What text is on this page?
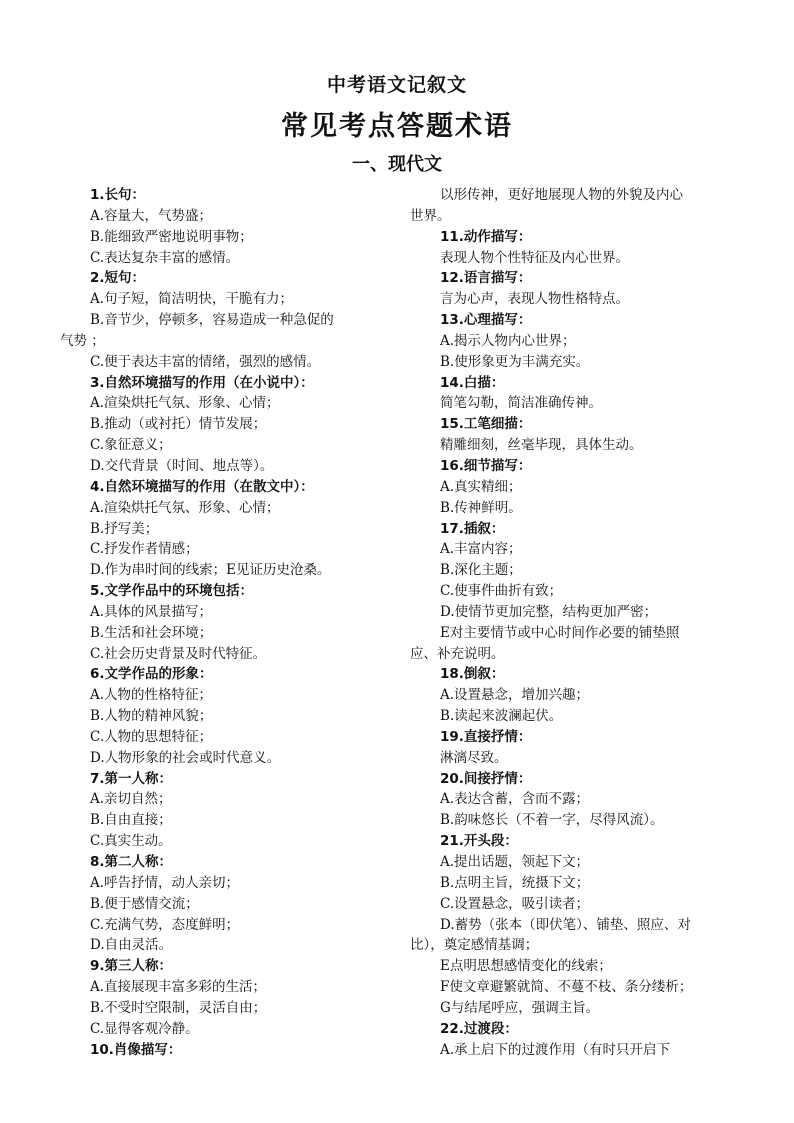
中考语文记叙文
常见考点答题术语
一、现代文
1.长句：
A.容量大，气势盛；
B.能细致严密地说明事物；
C.表达复杂丰富的感情。
2.短句：
A.句子短，简洁明快，干脆有力；
B.音节少，停顿多，容易造成一种急促的
气势 ；
C.便于表达丰富的情绪，强烈的感情。
3.自然环境描写的作用（在小说中）：
A.渲染烘托气氛、形象、心情；
B.推动（或衬托）情节发展；
C.象征意义；
D.交代背景（时间、地点等）。
4.自然环境描写的作用（在散文中）：
A.渲染烘托气氛、形象、心情；
B.抒写美；
C.抒发作者情感；
D.作为串时间的线索；E见证历史沧桑。
5.文学作品中的环境包括：
A.具体的风景描写；
B.生活和社会环境；
C.社会历史背景及时代特征。
6.文学作品的形象：
A.人物的性格特征；
B.人物的精神风貌；
C.人物的思想特征；
D.人物形象的社会或时代意义。
7.第一人称：
A.亲切自然；
B.自由直接；
C.真实生动。
8.第二人称：
A.呼告抒情，动人亲切；
B.便于感情交流；
C.充满气势，态度鲜明；
D.自由灵活。
9.第三人称：
A.直接展现丰富多彩的生活；
B.不受时空限制，灵活自由；
C.显得客观冷静。
10.肖像描写：
以形传神，更好地展现人物的外貌及内心
世界。
11.动作描写：
表现人物个性特征及内心世界。
12.语言描写：
言为心声，表现人物性格特点。
13.心理描写：
A.揭示人物内心世界；
B.使形象更为丰满充实。
14.白描：
简笔勾勒，简洁准确传神。
15.工笔细描：
精雕细刻，丝毫毕现，具体生动。
16.细节描写：
A.真实精细；
B.传神鲜明。
17.插叙：
A.丰富内容；
B.深化主题；
C.使事件曲折有致；
D.使情节更加完整，结构更加严密；
E对主要情节或中心时间作必要的铺垫照
应、补充说明。
18.倒叙：
A.设置悬念，增加兴趣；
B.读起来波澜起伏。
19.直接抒情：
淋漓尽致。
20.间接抒情：
A.表达含蓄，含而不露；
B.韵味悠长（不着一字，尽得风流）。
21.开头段：
A.提出话题，领起下文；
B.点明主旨，统摄下文；
C.设置悬念，吸引读者；
D.蓄势（张本（即伏笔）、铺垫、照应、对
比），奠定感情基调；
E点明思想感情变化的线索；
F使文章避繁就简、不蔓不枝、条分缕析；
G与结尾呼应，强调主旨。
22.过渡段：
A.承上启下的过渡作用（有时只开启下
